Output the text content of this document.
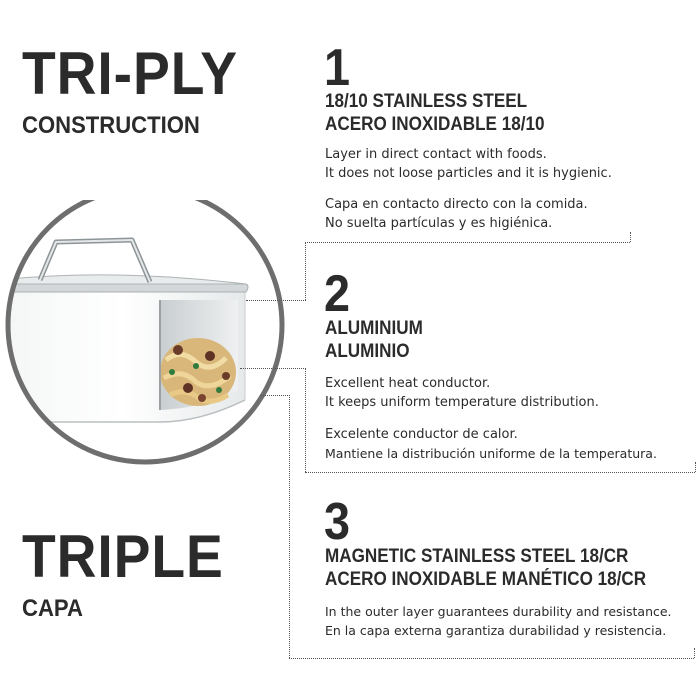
TRI-PLY
CONSTRUCTION
TRIPLE
CAPA
1
18/10 STAINLESS STEEL
ACERO INOXIDABLE 18/10
Layer in direct contact with foods.
It does not loose particles and it is hygienic.
Capa en contacto directo con la comida.
No suelta partículas y es higiénica.
2
ALUMINIUM
ALUMINIO
Excellent heat conductor.
It keeps uniform temperature distribution.
Excelente conductor de calor.
Mantiene la distribución uniforme de la temperatura.
3
MAGNETIC STAINLESS STEEL 18/CR
ACERO INOXIDABLE MANÉTICO 18/CR
In the outer layer guarantees durability and resistance.
En la capa externa garantiza durabilidad y resistencia.
